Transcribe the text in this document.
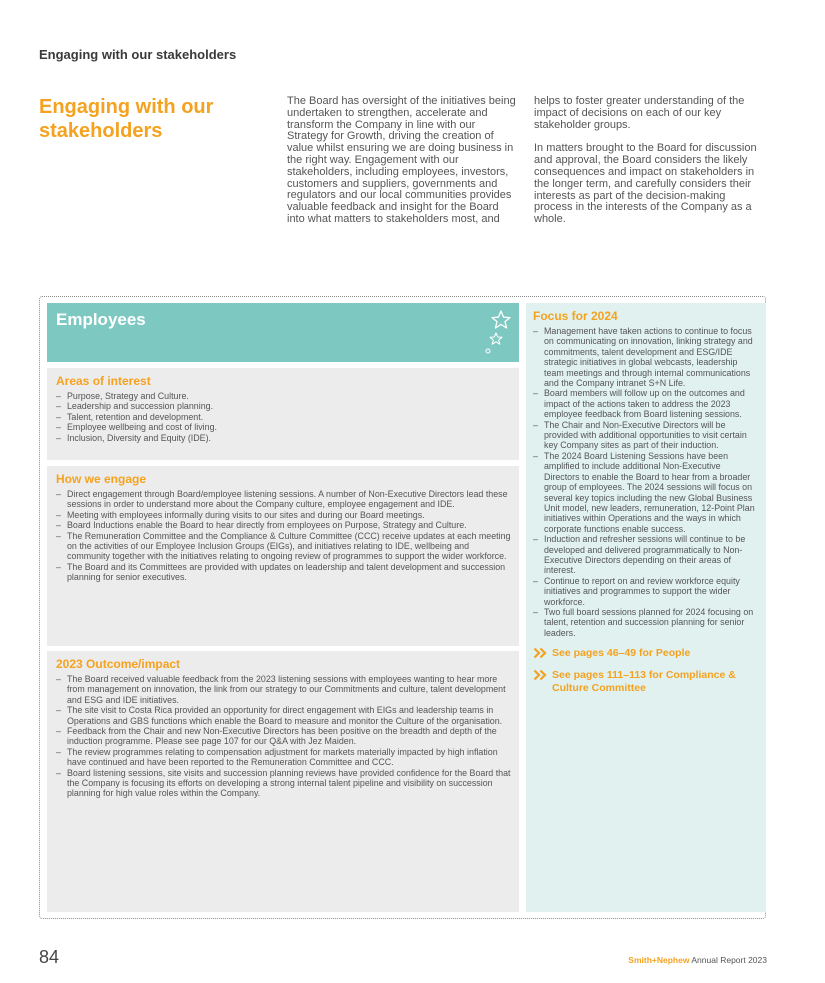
Engaging with our stakeholders
Engaging with our stakeholders

The Board has oversight of the initiatives being undertaken to strengthen, accelerate and transform the Company in line with our Strategy for Growth, driving the creation of value whilst ensuring we are doing business in the right way. Engagement with our stakeholders, including employees, investors, customers and suppliers, governments and regulators and our local communities provides valuable feedback and insight for the Board into what matters to stakeholders most, and

helps to foster greater understanding of the impact of decisions on each of our key stakeholder groups.

In matters brought to the Board for discussion and approval, the Board considers the likely consequences and impact on stakeholders in the longer term, and carefully considers their interests as part of the decision-making process in the interests of the Company as a whole.

Employees
Areas of interest
– Purpose, Strategy and Culture.
– Leadership and succession planning.
– Talent, retention and development.
– Employee wellbeing and cost of living.
– Inclusion, Diversity and Equity (IDE).
How we engage
– Direct engagement through Board/employee listening sessions. A number of Non-Executive Directors lead these sessions in order to understand more about the Company culture, employee engagement and IDE.
– Meeting with employees informally during visits to our sites and during our Board meetings.
– Board Inductions enable the Board to hear directly from employees on Purpose, Strategy and Culture.
– The Remuneration Committee and the Compliance & Culture Committee (CCC) receive updates at each meeting on the activities of our Employee Inclusion Groups (EIGs), and initiatives relating to IDE, wellbeing and community together with the initiatives relating to ongoing review of programmes to support the wider workforce.
– The Board and its Committees are provided with updates on leadership and talent development and succession planning for senior executives.
2023 Outcome/impact
– The Board received valuable feedback from the 2023 listening sessions with employees wanting to hear more from management on innovation, the link from our strategy to our Commitments and culture, talent development and ESG and IDE initiatives.
– The site visit to Costa Rica provided an opportunity for direct engagement with EIGs and leadership teams in Operations and GBS functions which enable the Board to measure and monitor the Culture of the organisation.
– Feedback from the Chair and new Non-Executive Directors has been positive on the breadth and depth of the induction programme. Please see page 107 for our Q&A with Jez Maiden.
– The review programmes relating to compensation adjustment for markets materially impacted by high inflation have continued and have been reported to the Remuneration Committee and CCC.
– Board listening sessions, site visits and succession planning reviews have provided confidence for the Board that the Company is focusing its efforts on developing a strong internal talent pipeline and visibility on succession planning for high value roles within the Company.
Focus for 2024
– Management have taken actions to continue to focus on communicating on innovation, linking strategy and commitments, talent development and ESG/IDE strategic initiatives in global webcasts, leadership team meetings and through internal communications and the Company intranet S+N Life.
– Board members will follow up on the outcomes and impact of the actions taken to address the 2023 employee feedback from Board listening sessions.
– The Chair and Non-Executive Directors will be provided with additional opportunities to visit certain key Company sites as part of their induction.
– The 2024 Board Listening Sessions have been amplified to include additional Non-Executive Directors to enable the Board to hear from a broader group of employees. The 2024 sessions will focus on several key topics including the new Global Business Unit model, new leaders, remuneration, 12-Point Plan initiatives within Operations and the ways in which corporate functions enable success.
– Induction and refresher sessions will continue to be developed and delivered programmatically to Non-Executive Directors depending on their areas of interest.
– Continue to report on and review workforce equity initiatives and programmes to support the wider workforce.
– Two full board sessions planned for 2024 focusing on talent, retention and succession planning for senior leaders.
See pages 46–49 for People
See pages 111–113 for Compliance & Culture Committee
84	Smith+Nephew Annual Report 2023
